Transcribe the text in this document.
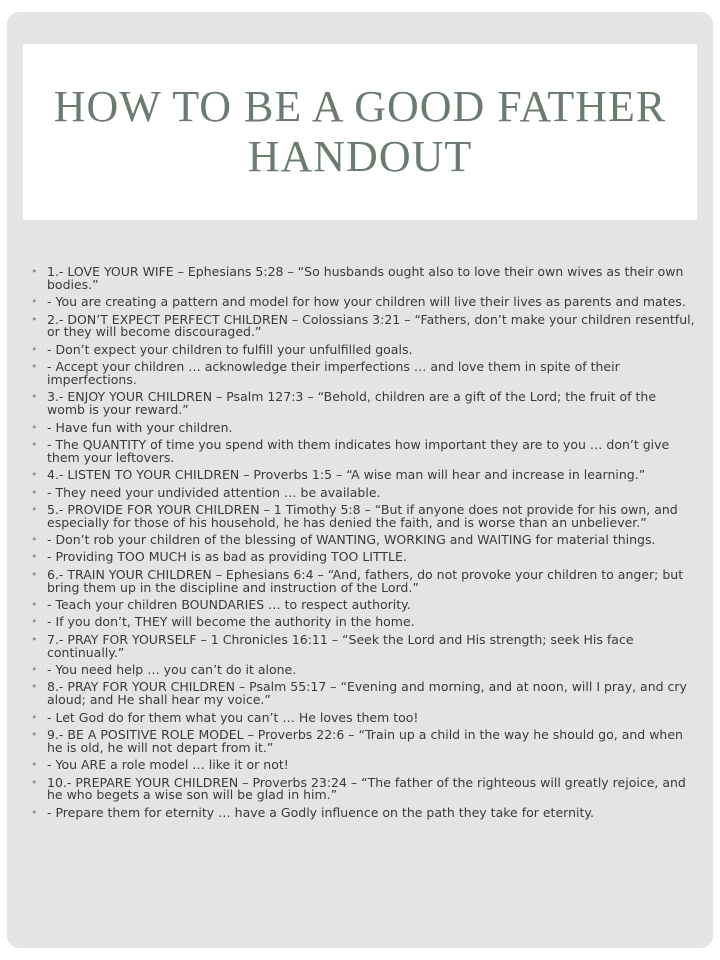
HOW TO BE A GOOD FATHER HANDOUT
• 1.- LOVE YOUR WIFE – Ephesians 5:28 – “So husbands ought also to love their own wives as their own bodies.”
• - You are creating a pattern and model for how your children will live their lives as parents and mates.
• 2.- DON’T EXPECT PERFECT CHILDREN – Colossians 3:21 – “Fathers, don’t make your children resentful, or they will become discouraged.”
• - Don’t expect your children to fulfill your unfulfilled goals.
• - Accept your children … acknowledge their imperfections … and love them in spite of their imperfections.
• 3.- ENJOY YOUR CHILDREN – Psalm 127:3 – “Behold, children are a gift of the Lord; the fruit of the womb is your reward.”
• - Have fun with your children.
• - The QUANTITY of time you spend with them indicates how important they are to you … don’t give them your leftovers.
• 4.- LISTEN TO YOUR CHILDREN – Proverbs 1:5 – “A wise man will hear and increase in learning.”
• - They need your undivided attention … be available.
• 5.- PROVIDE FOR YOUR CHILDREN – 1 Timothy 5:8 – “But if anyone does not provide for his own, and especially for those of his household, he has denied the faith, and is worse than an unbeliever.”
• - Don’t rob your children of the blessing of WANTING, WORKING and WAITING for material things.
• - Providing TOO MUCH is as bad as providing TOO LITTLE.
• 6.- TRAIN YOUR CHILDREN – Ephesians 6:4 – “And, fathers, do not provoke your children to anger; but bring them up in the discipline and instruction of the Lord.”
• - Teach your children BOUNDARIES … to respect authority.
• - If you don’t, THEY will become the authority in the home.
• 7.- PRAY FOR YOURSELF – 1 Chronicles 16:11 – “Seek the Lord and His strength; seek His face continually.”
• - You need help … you can’t do it alone.
• 8.- PRAY FOR YOUR CHILDREN – Psalm 55:17 – “Evening and morning, and at noon, will I pray, and cry aloud; and He shall hear my voice.”
• - Let God do for them what you can’t … He loves them too!
• 9.- BE A POSITIVE ROLE MODEL – Proverbs 22:6 – “Train up a child in the way he should go, and when he is old, he will not depart from it.”
• - You ARE a role model … like it or not!
• 10.- PREPARE YOUR CHILDREN – Proverbs 23:24 – “The father of the righteous will greatly rejoice, and he who begets a wise son will be glad in him.”
• - Prepare them for eternity … have a Godly influence on the path they take for eternity.
